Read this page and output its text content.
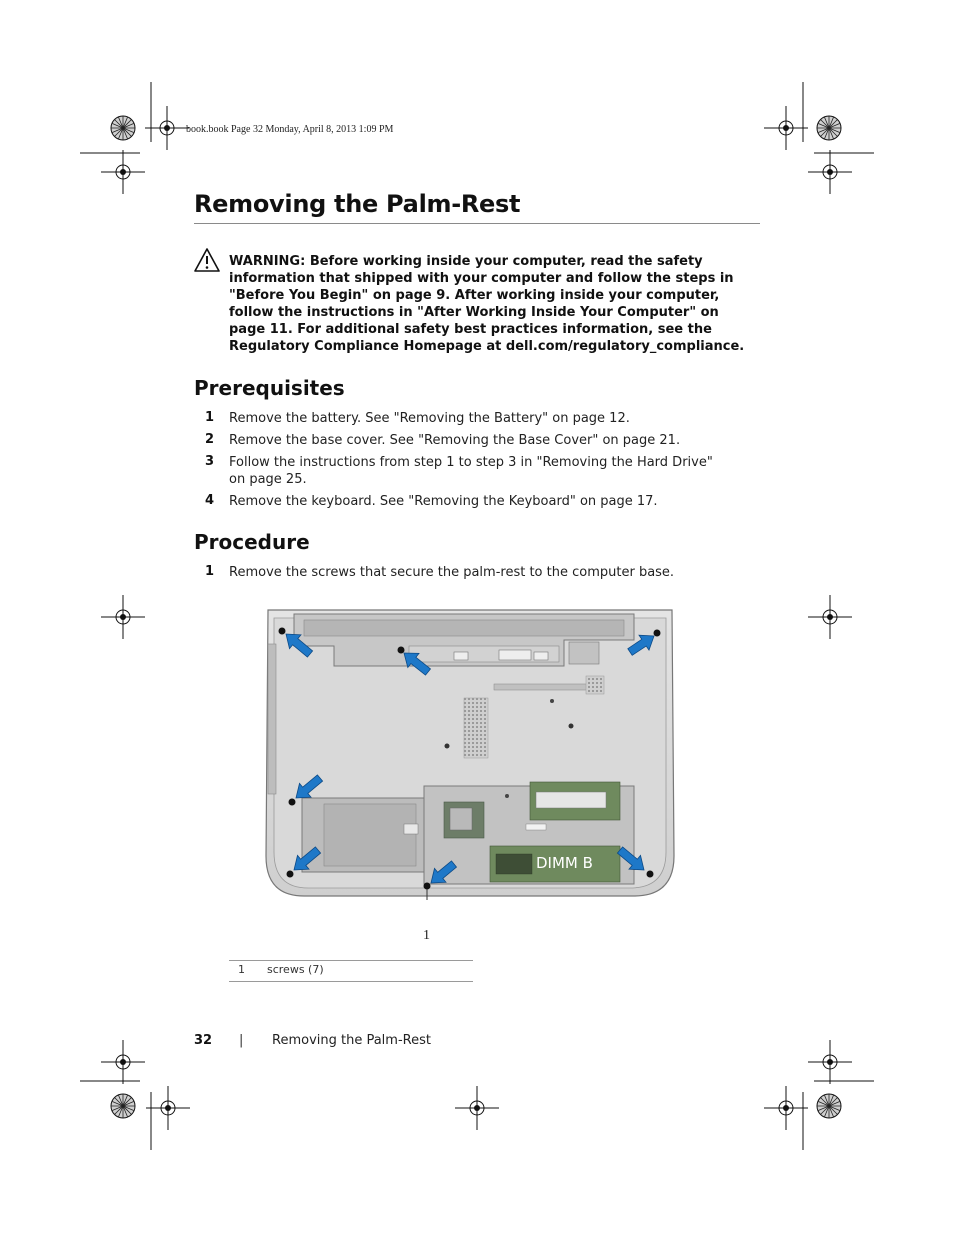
book.book Page 32 Monday, April 8, 2013 1:09 PM
Removing the Palm-Rest
WARNING: Before working inside your computer, read the safety information that shipped with your computer and follow the steps in "Before You Begin" on page 9. After working inside your computer, follow the instructions in "After Working Inside Your Computer" on page 11. For additional safety best practices information, see the Regulatory Compliance Homepage at dell.com/regulatory_compliance.
Prerequisites
1	Remove the battery. See "Removing the Battery" on page 12.
2	Remove the base cover. See "Removing the Base Cover" on page 21.
3	Follow the instructions from step 1 to step 3 in "Removing the Hard Drive" on page 25.
4	Remove the keyboard. See "Removing the Keyboard" on page 17.
Procedure
1	Remove the screws that secure the palm-rest to the computer base.
DIMM B
1
1 screws (7)
32 | Removing the Palm-Rest
